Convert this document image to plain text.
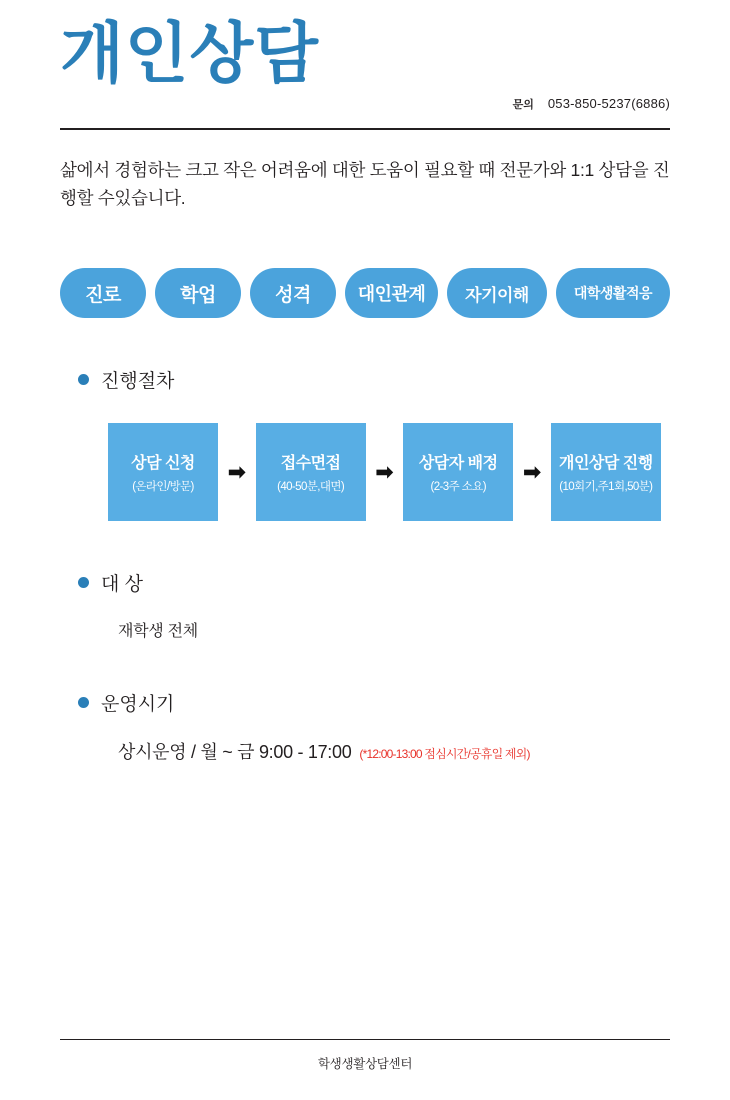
개인상담
문의 053-850-5237(6886)

삶에서 경험하는 크고 작은 어려움에 대한 도움이 필요할 때 전문가와 1:1 상담을 진행할 수있습니다.

진로	학업	성격	대인관계	자기이해	대학생활적응
진행절차
상담 신청
(온라인/방문)
➡ 접수면접
(40-50분,대면)
➡ 상담자 배정
(2-3주 소요)
➡ 개인상담 진행
(10회기,주1회,50분)
대 상
재학생 전체
운영시기
상시운영 / 월 ~ 금 9:00 - 17:00 (*12:00-13:00 점심시간/공휴일 제외)
학생생활상담센터
